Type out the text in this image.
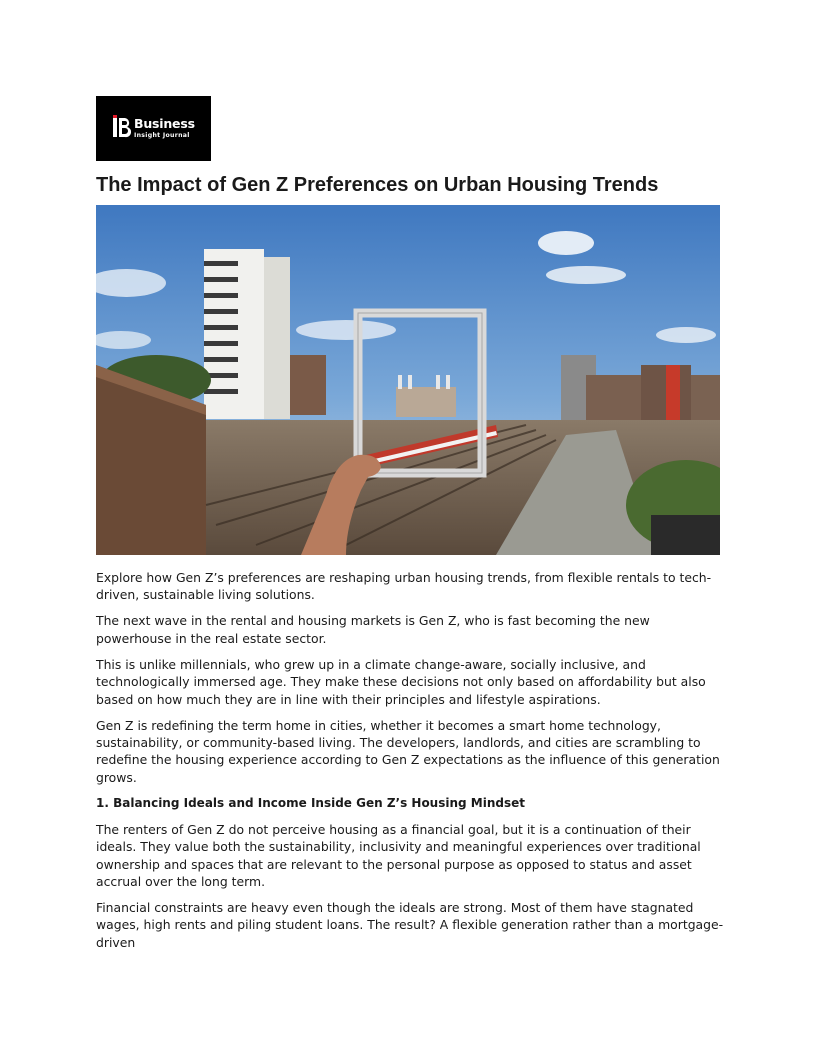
Business
Insight Journal
The Impact of Gen Z Preferences on Urban Housing Trends

Explore how Gen Z’s preferences are reshaping urban housing trends, from flexible rentals to tech-driven, sustainable living solutions.

The next wave in the rental and housing markets is Gen Z, who is fast becoming the new powerhouse in the real estate sector.

This is unlike millennials, who grew up in a climate change-aware, socially inclusive, and technologically immersed age. They make these decisions not only based on affordability but also based on how much they are in line with their principles and lifestyle aspirations.

Gen Z is redefining the term home in cities, whether it becomes a smart home technology, sustainability, or community-based living. The developers, landlords, and cities are scrambling to redefine the housing experience according to Gen Z expectations as the influence of this generation grows.

1. Balancing Ideals and Income Inside Gen Z’s Housing Mindset

The renters of Gen Z do not perceive housing as a financial goal, but it is a continuation of their ideals. They value both the sustainability, inclusivity and meaningful experiences over traditional ownership and spaces that are relevant to the personal purpose as opposed to status and asset accrual over the long term.

Financial constraints are heavy even though the ideals are strong. Most of them have stagnated wages, high rents and piling student loans. The result? A flexible generation rather than a mortgage-driven
